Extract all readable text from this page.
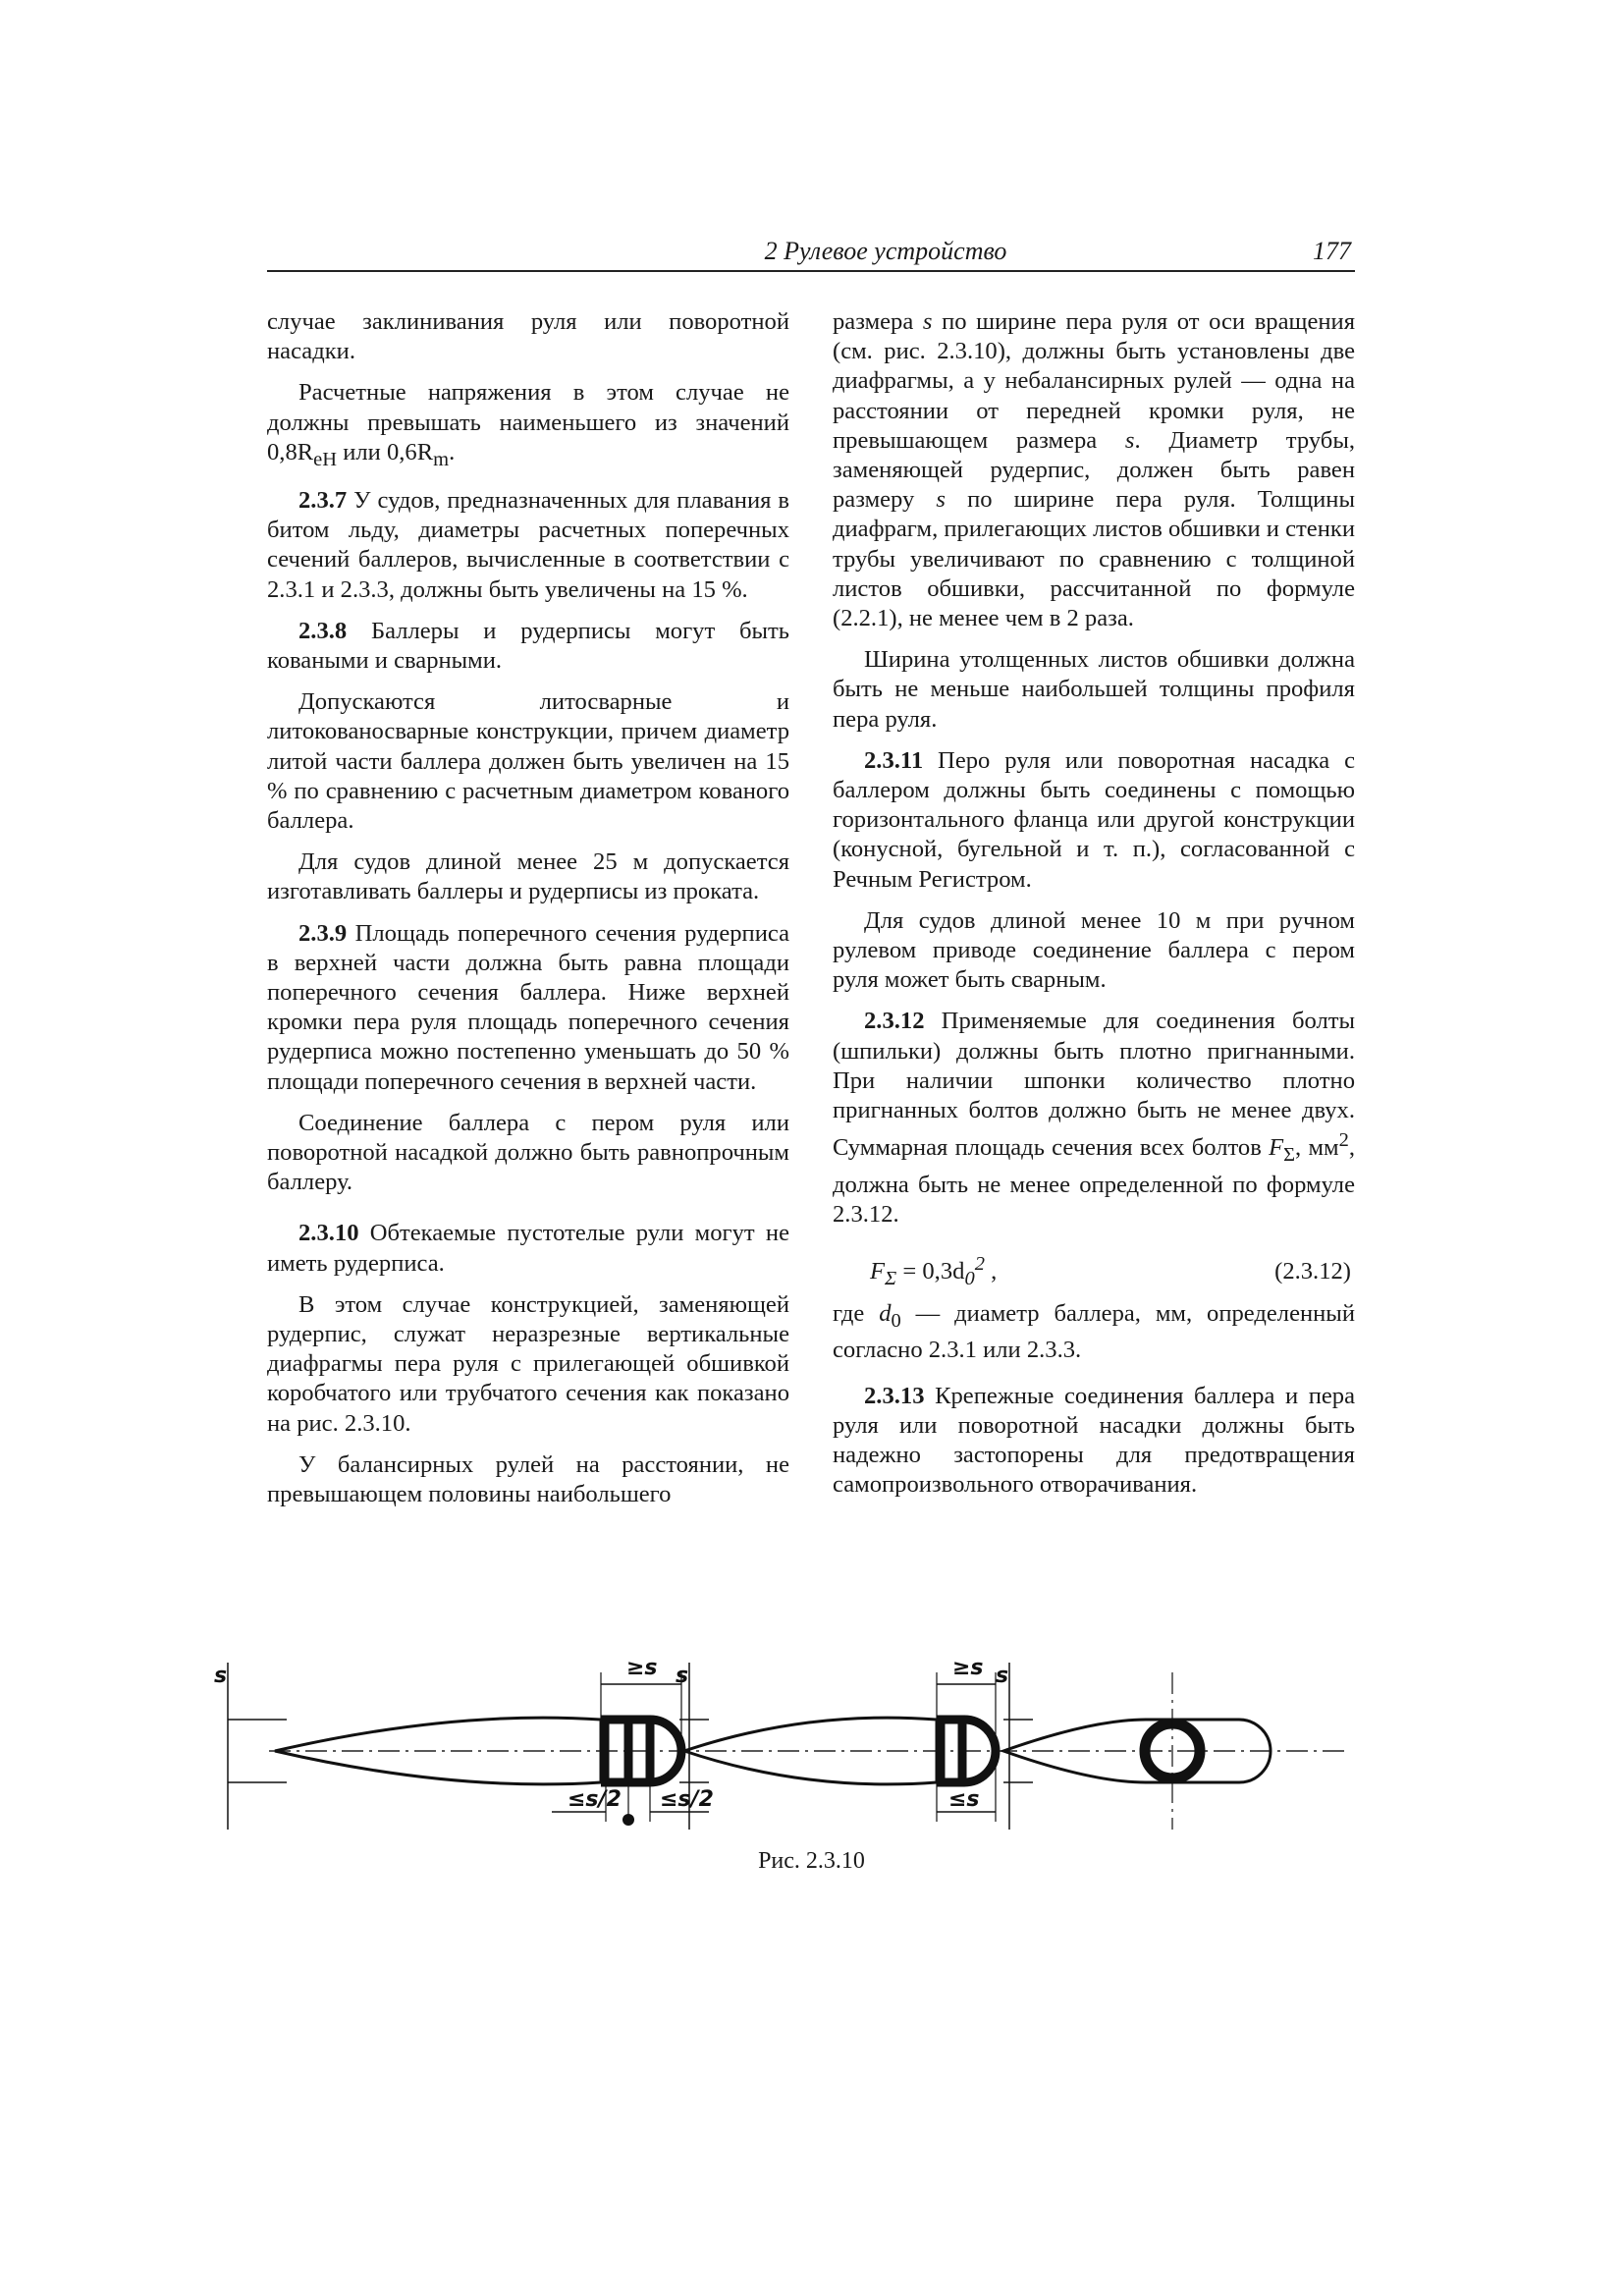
2 Рулевое устройство	177

случае заклинивания руля или поворотной насадки.

Расчетные напряжения в этом случае не должны превышать наименьшего из значений $0,8R_{eH}$ или $0,6R_m$.

2.3.7 У судов, предназначенных для плавания в битом льду, диаметры расчетных поперечных сечений баллеров, вычисленные в соответствии с 2.3.1 и 2.3.3, должны быть увеличены на 15 %.

2.3.8 Баллеры и рудерписы могут быть коваными и сварными.

Допускаются литосварные и литокованосварные конструкции, причем диаметр литой части баллера должен быть увеличен на 15 % по сравнению с расчетным диаметром кованого баллера.

Для судов длиной менее 25 м допускается изготавливать баллеры и рудерписы из проката.

2.3.9 Площадь поперечного сечения рудерписа в верхней части должна быть равна площади поперечного сечения баллера. Ниже верхней кромки пера руля площадь поперечного сечения рудерписа можно постепенно уменьшать до 50 % площади поперечного сечения в верхней части.

Соединение баллера с пером руля или поворотной насадкой должно быть равнопрочным баллеру.

2.3.10 Обтекаемые пустотелые рули могут не иметь рудерписа.

В этом случае конструкцией, заменяющей рудерпис, служат неразрезные вертикальные диафрагмы пера руля с прилегающей обшивкой коробчатого или трубчатого сечения как показано на рис. 2.3.10.

У балансирных рулей на расстоянии, не превышающем половины наибольшего

размера s по ширине пера руля от оси вращения (см. рис. 2.3.10), должны быть установлены две диафрагмы, а у небалансирных рулей — одна на расстоянии от передней кромки руля, не превышающем размера s. Диаметр трубы, заменяющей рудерпис, должен быть равен размеру s по ширине пера руля. Толщины диафрагм, прилегающих листов обшивки и стенки трубы увеличивают по сравнению с толщиной листов обшивки, рассчитанной по формуле (2.2.1), не менее чем в 2 раза.

Ширина утолщенных листов обшивки должна быть не меньше наибольшей толщины профиля пера руля.

2.3.11 Перо руля или поворотная насадка с баллером должны быть соединены с помощью горизонтального фланца или другой конструкции (конусной, бугельной и т. п.), согласованной с Речным Регистром.

Для судов длиной менее 10 м при ручном рулевом приводе соединение баллера с пером руля может быть сварным.

2.3.12 Применяемые для соединения болты (шпильки) должны быть плотно пригнанными. При наличии шпонки количество плотно пригнанных болтов должно быть не менее двух. Суммарная площадь сечения всех болтов $F_\Sigma$, $мм^2$, должна быть не менее определенной по формуле 2.3.12.

$F_\Sigma = 0,3d_0^2$ ,	(2.3.12)

где $d_0$ — диаметр баллера, мм, определенный согласно 2.3.1 или 2.3.3.

2.3.13 Крепежные соединения баллера и пера руля или поворотной насадки должны быть надежно застопорены для предотвращения самопроизвольного отворачивания.

s	≥s
≤s/2 ≤s/2
s	≥s
≤s
s
Рис. 2.3.10
